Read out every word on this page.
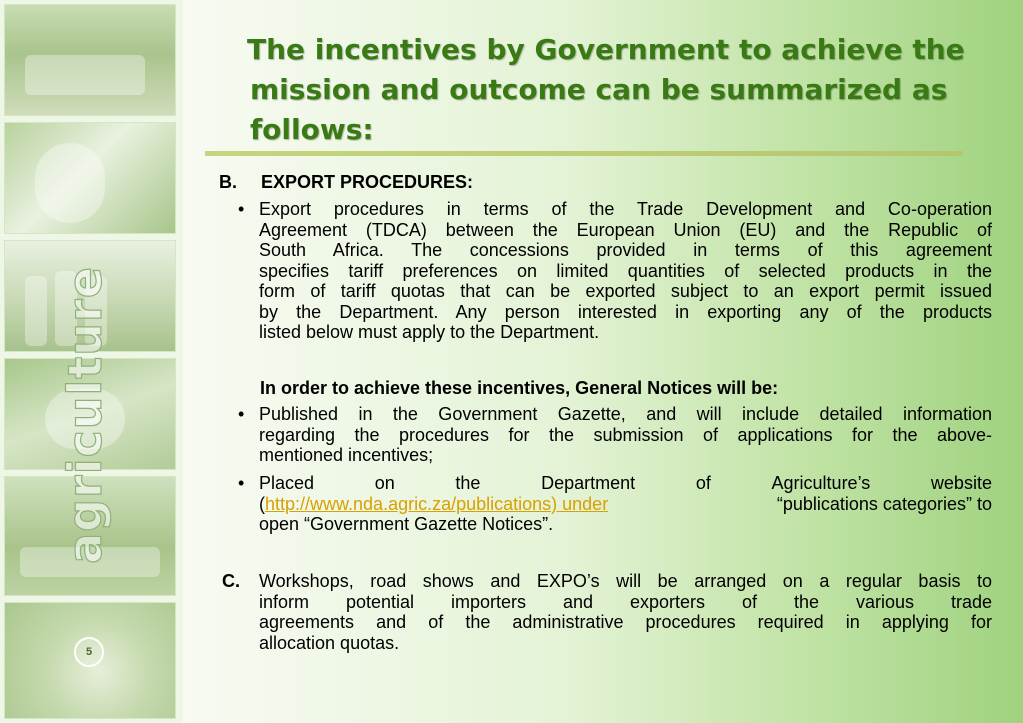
agriculture
5
The incentives by Government to achieve the
mission and outcome can be summarized as
follows:
B. EXPORT PROCEDURES:
• Export procedures in terms of the Trade Development and Co-operation
Agreement (TDCA) between the European Union (EU) and the Republic of
South Africa. The concessions provided in terms of this agreement
specifies tariff preferences on limited quantities of selected products in the
form of tariff quotas that can be exported subject to an export permit issued
by the Department. Any person interested in exporting any of the products
listed below must apply to the Department.
In order to achieve these incentives, General Notices will be:
• Published in the Government Gazette, and will include detailed information
regarding the procedures for the submission of applications for the above-
mentioned incentives;
• Placed	on	the	Department	of	Agriculture’s	website
(http://www.nda.agric.za/publications) under	“publications categories” to
open “Government Gazette Notices”.
C. Workshops, road shows and EXPO’s will be arranged on a regular basis to
inform potential importers and exporters of the various trade
agreements and of the administrative procedures required in applying for
allocation quotas.
